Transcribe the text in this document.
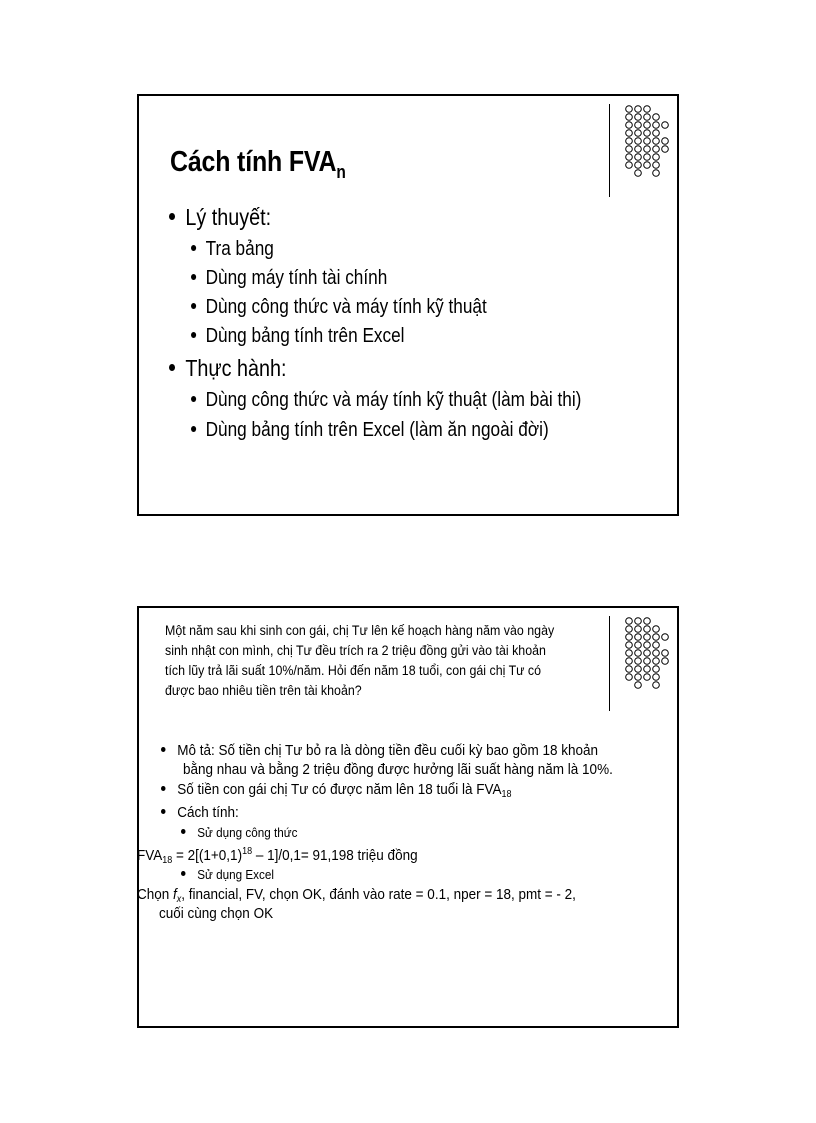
Cách tính $FVA_n$
Lý thuyết:
Tra bảng
Dùng máy tính tài chính
Dùng công thức và máy tính kỹ thuật
Dùng bảng tính trên Excel
Thực hành:
Dùng công thức và máy tính kỹ thuật (làm bài thi)
Dùng bảng tính trên Excel (làm ăn ngoài đời)
Một năm sau khi sinh con gái, chị Tư lên kế hoạch hàng năm vào ngày
sinh nhật con mình, chị Tư đều trích ra 2 triệu đồng gửi vào tài khoản
tích lũy trả lãi suất 10%/năm. Hỏi đến năm 18 tuổi, con gái chị Tư có
được bao nhiêu tiền trên tài khoản?
Mô tả: Số tiền chị Tư bỏ ra là dòng tiền đều cuối kỳ bao gồm 18 khoản
bằng nhau và bằng 2 triệu đồng được hưởng lãi suất hàng năm là 10%.
Số tiền con gái chị Tư có được năm lên 18 tuổi là $FVA_{18}$
Cách tính:
Sử dụng công thức
$FVA_{18} = 2[(1+0,1)^{18} - 1]/0,1= 91,198$ triệu đồng
Sử dụng Excel
Chọn $f_x$, financial, FV, chọn OK, đánh vào rate = 0.1, nper = 18, pmt = - 2,
cuối cùng chọn OK
